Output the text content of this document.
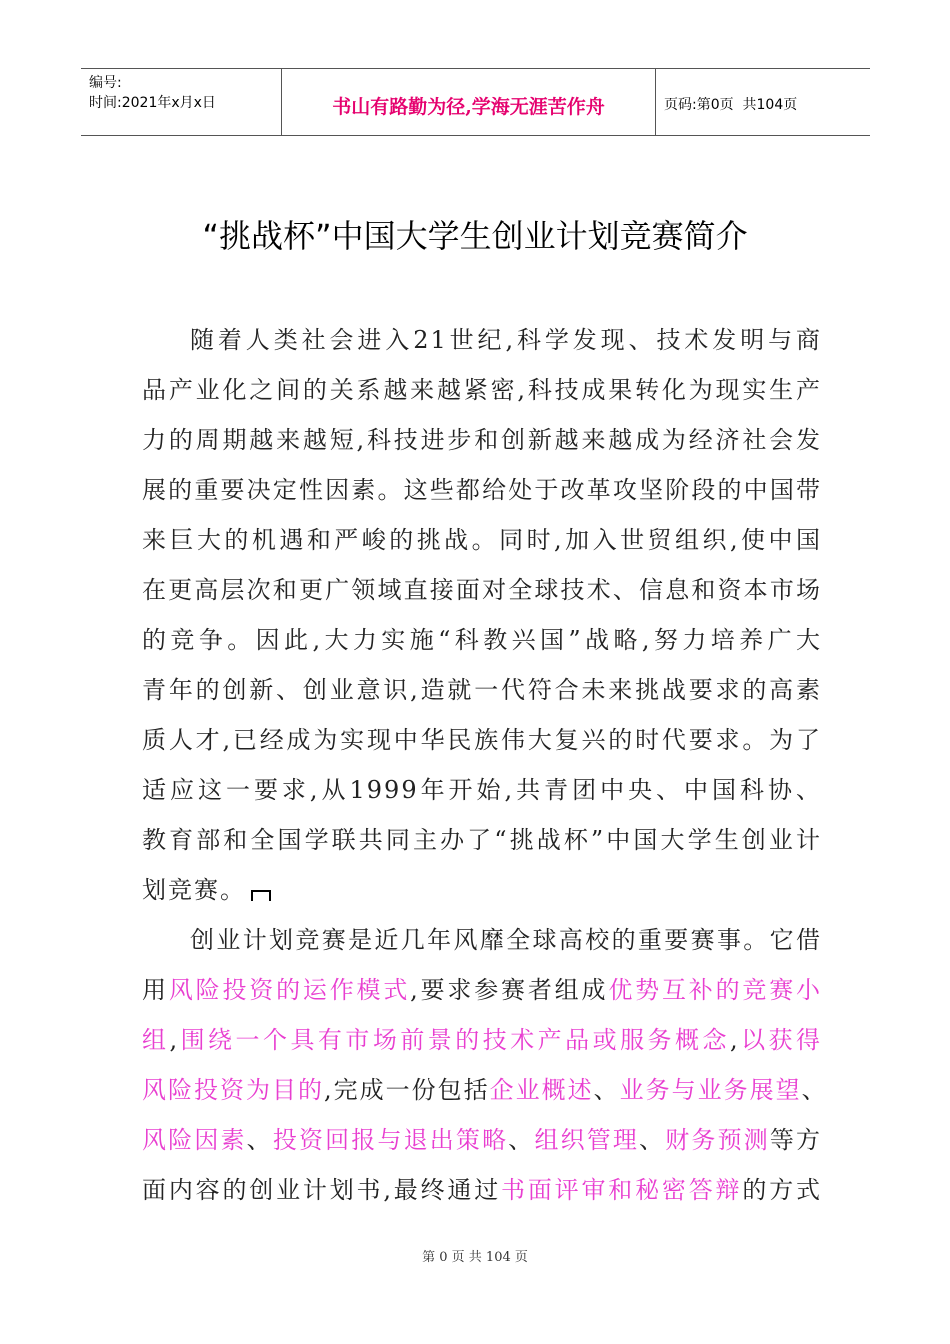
编号:
时间:2021年x月x日	书山有路勤为径,学海无涯苦作舟	页码:第0页  共104页
“挑战杯”中国大学生创业计划竞赛简介
随着人类社会进入21世纪,科学发现、技术发明与商
品产业化之间的关系越来越紧密,科技成果转化为现实生产
力的周期越来越短,科技进步和创新越来越成为经济社会发
展的重要决定性因素。这些都给处于改革攻坚阶段的中国带
来巨大的机遇和严峻的挑战。同时,加入世贸组织,使中国
在更高层次和更广领域直接面对全球技术、信息和资本市场
的竞争。因此,大力实施“科教兴国”战略,努力培养广大
青年的创新、创业意识,造就一代符合未来挑战要求的高素
质人才,已经成为实现中华民族伟大复兴的时代要求。为了
适应这一要求,从1999年开始,共青团中央、中国科协、
教育部和全国学联共同主办了“挑战杯”中国大学生创业计
划竞赛。
创业计划竞赛是近几年风靡全球高校的重要赛事。它借
用风险投资的运作模式,要求参赛者组成优势互补的竞赛小
组,围绕一个具有市场前景的技术产品或服务概念,以获得
风险投资为目的,完成一份包括企业概述、业务与业务展望、
风险因素、投资回报与退出策略、组织管理、财务预测等方
面内容的创业计划书,最终通过书面评审和秘密答辩的方式
第 0 页 共 104 页
